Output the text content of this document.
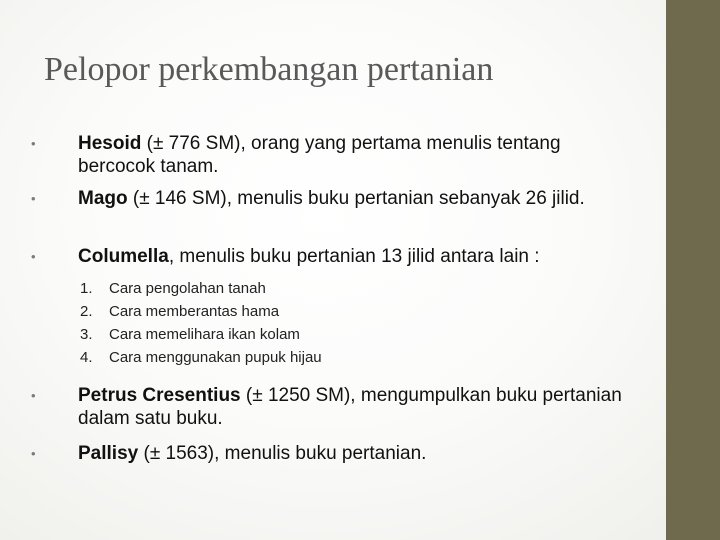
Pelopor perkembangan pertanian
• Hesoid (± 776 SM), orang yang pertama menulis tentang bercocok tanam.
• Mago (± 146 SM), menulis buku pertanian sebanyak 26 jilid.
• Columella, menulis buku pertanian 13 jilid antara lain :
1.	Cara pengolahan tanah
2.	Cara memberantas hama
3.	Cara memelihara ikan kolam
4.	Cara menggunakan pupuk hijau
• Petrus Cresentius (± 1250 SM), mengumpulkan buku pertanian dalam satu buku.
• Pallisy (± 1563), menulis buku pertanian.
